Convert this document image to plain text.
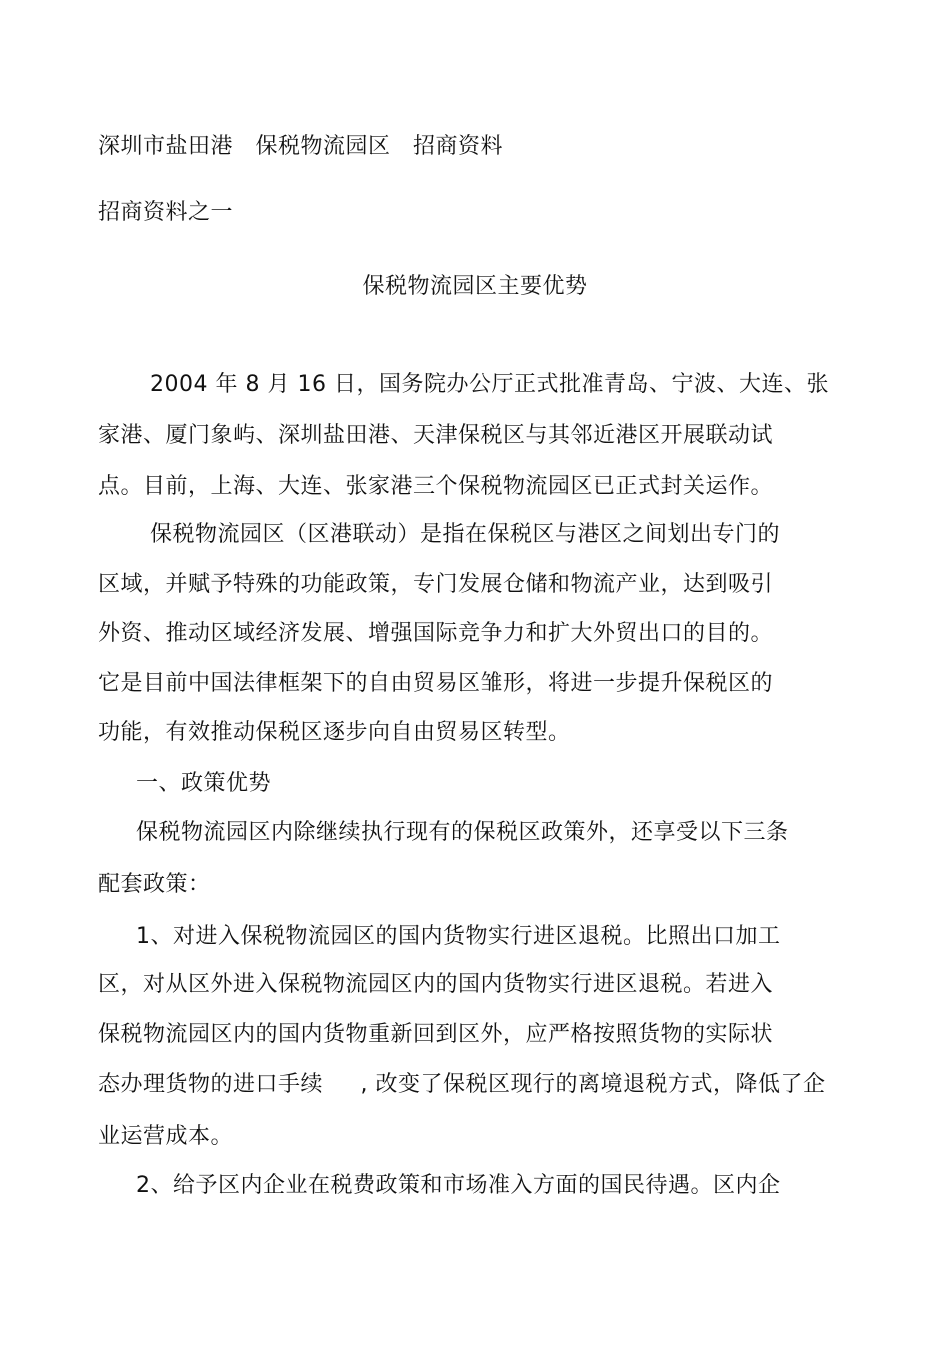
深圳市盐田港   保税物流园区   招商资料
招商资料之一
保税物流园区主要优势
2004 年 8 月 16 日，国务院办公厅正式批准青岛、宁波、大连、张
家港、厦门象屿、深圳盐田港、天津保税区与其邻近港区开展联动试
点。目前，上海、大连、张家港三个保税物流园区已正式封关运作。
保税物流园区（区港联动）是指在保税区与港区之间划出专门的
区域，并赋予特殊的功能政策，专门发展仓储和物流产业，达到吸引
外资、推动区域经济发展、增强国际竞争力和扩大外贸出口的目的。
它是目前中国法律框架下的自由贸易区雏形，将进一步提升保税区的
功能，有效推动保税区逐步向自由贸易区转型。
一、政策优势
保税物流园区内除继续执行现有的保税区政策外，还享受以下三条
配套政策：
1、对进入保税物流园区的国内货物实行进区退税。比照出口加工
区，对从区外进入保税物流园区内的国内货物实行进区退税。若进入
保税物流园区内的国内货物重新回到区外，应严格按照货物的实际状
态办理货物的进口手续     , 改变了保税区现行的离境退税方式，降低了企
业运营成本。
2、给予区内企业在税费政策和市场准入方面的国民待遇。区内企
